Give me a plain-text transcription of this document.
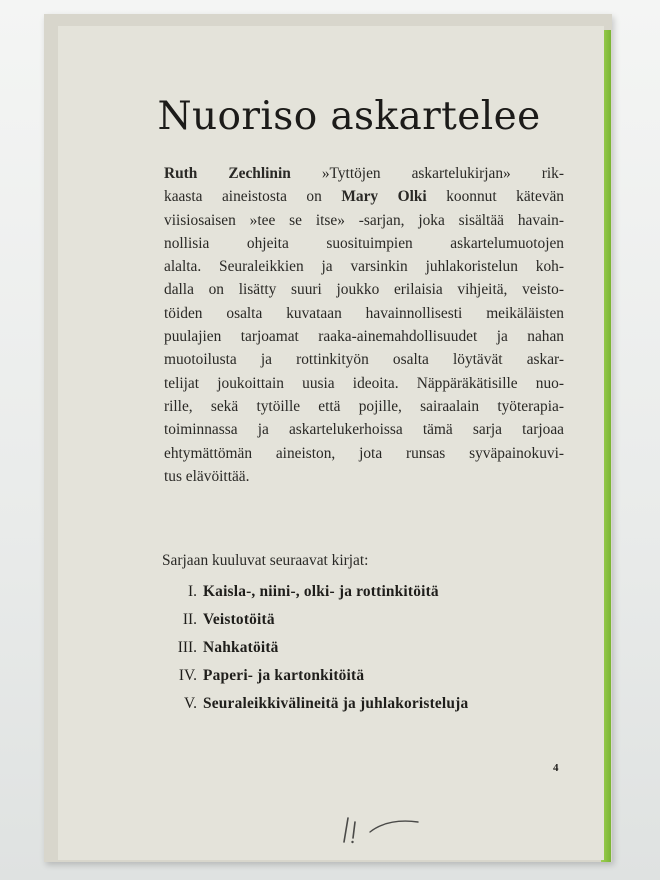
Nuoriso askartelee
Ruth Zechlinin »Tyttöjen askartelukirjan» rik-
kaasta aineistosta on Mary Olki koonnut kätevän
viisiosaisen »tee se itse» -sarjan, joka sisältää havain-
nollisia ohjeita suosituimpien askartelumuotojen
alalta. Seuraleikkien ja varsinkin juhlakoristelun koh-
dalla on lisätty suuri joukko erilaisia vihjeitä, veisto-
töiden osalta kuvataan havainnollisesti meikäläisten
puulajien tarjoamat raaka-ainemahdollisuudet ja nahan
muotoilusta ja rottinkityön osalta löytävät askar-
telijat joukoittain uusia ideoita. Näppäräkätisille nuo-
rille, sekä tytöille että pojille, sairaalain työterapia-
toiminnassa ja askartelukerhoissa tämä sarja tarjoaa
ehtymättömän aineiston, jota runsas syväpainokuvi-
tus elävöittää.
Sarjaan kuuluvat seuraavat kirjat:
I. Kaisla-, niini-, olki- ja rottinkitöitä
II. Veistotöitä
III. Nahkatöitä
IV. Paperi- ja kartonkitöitä
V. Seuraleikkivälineitä ja juhlakoristeluja
4
